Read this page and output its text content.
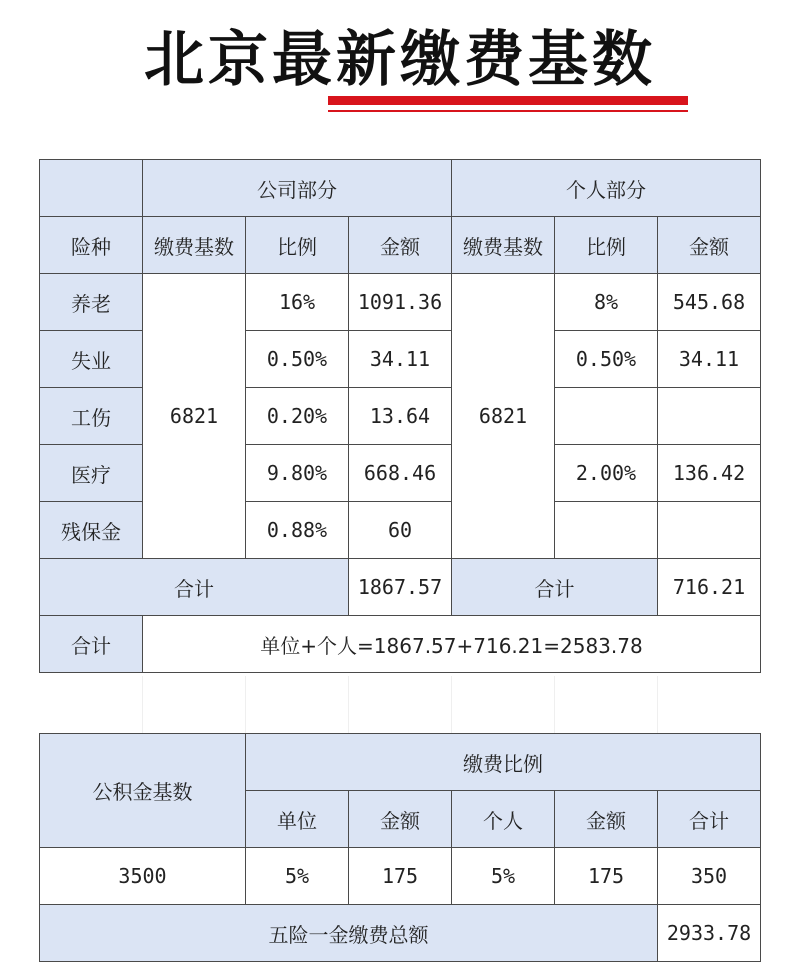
北京最新缴费基数
	公司部分			个人部分		
险种	缴费基数	比例	金额	缴费基数	比例	金额
养老	6821	16%	1091.36	6821	8%	545.68
失业		0.50%	34.11		0.50%	34.11
工伤		0.20%	13.64			
医疗		9.80%	668.46		2.00%	136.42
残保金		0.88%	60			
合计			1867.57	合计		716.21
合计	单位+个人=1867.57+716.21=2583.78					
公积金基数	缴费比例				
	单位	金额	个人	金额	合计
3500	5%	175	5%	175	350
五险一金缴费总额					2933.78
